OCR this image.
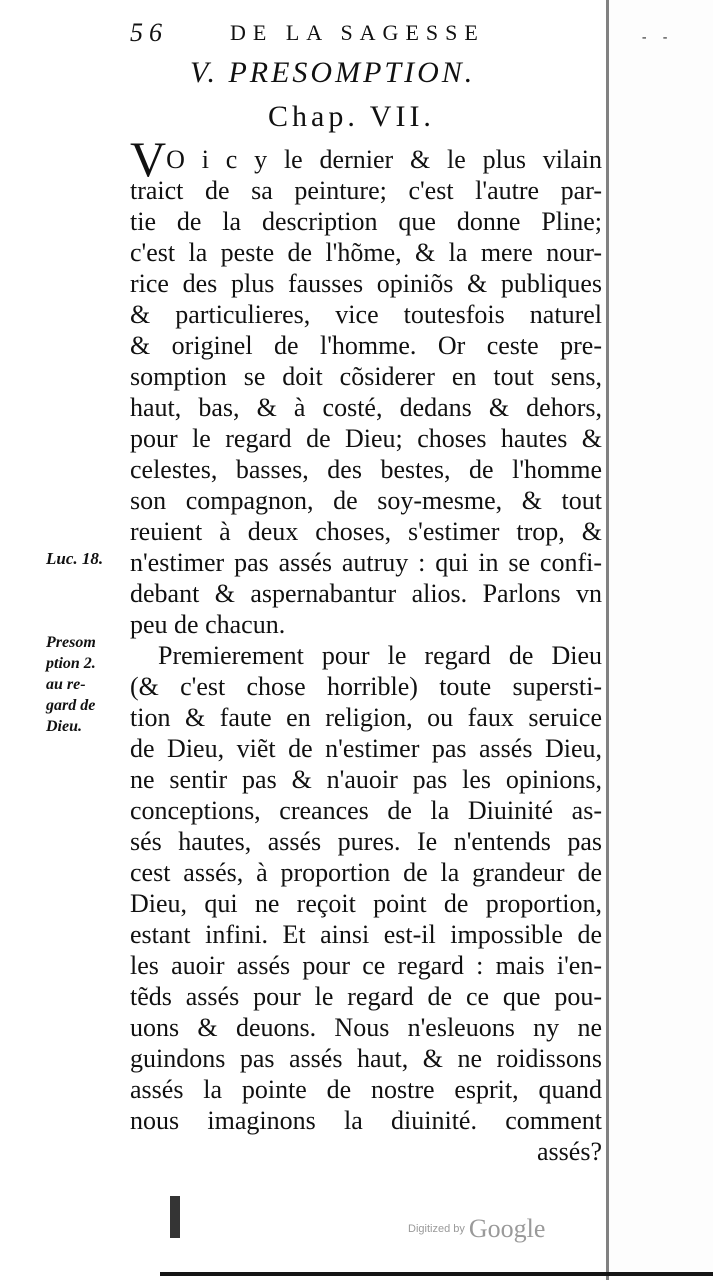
- -
56	DE LA SAGESSE
V. PRESOMPTION.
Chap. VII.
VO i c y le dernier & le plus vilain
traict de sa peinture; c'est l'autre par-
tie de la description que donne Pline;
c'est la peste de l'hõme, & la mere nour-
rice des plus fausses opiniõs & publiques
& particulieres, vice toutesfois naturel
& originel de l'homme. Or ceste pre-
somption se doit cõsiderer en tout sens,
haut, bas, & à costé, dedans & dehors,
pour le regard de Dieu; choses hautes &
celestes, basses, des bestes, de l'homme
son compagnon, de soy-mesme, & tout
reuient à deux choses, s'estimer trop, &
n'estimer pas assés autruy : qui in se confi-
debant & aspernabantur alios. Parlons vn
peu de chacun.
Premierement pour le regard de Dieu
(& c'est chose horrible) toute supersti-
tion & faute en religion, ou faux seruice
de Dieu, viẽt de n'estimer pas assés Dieu,
ne sentir pas & n'auoir pas les opinions,
conceptions, creances de la Diuinité as-
sés hautes, assés pures. Ie n'entends pas
cest assés, à proportion de la grandeur de
Dieu, qui ne reçoit point de proportion,
estant infini. Et ainsi est-il impossible de
les auoir assés pour ce regard : mais i'en-
tẽds assés pour le regard de ce que pou-
uons & deuons. Nous n'esleuons ny ne
guindons pas assés haut, & ne roidissons
assés la pointe de nostre esprit, quand
nous imaginons la diuinité. comment
assés?
Luc. 18.
Presom
ption 2.
au re-
gard de
Dieu.
Digitized by Google
